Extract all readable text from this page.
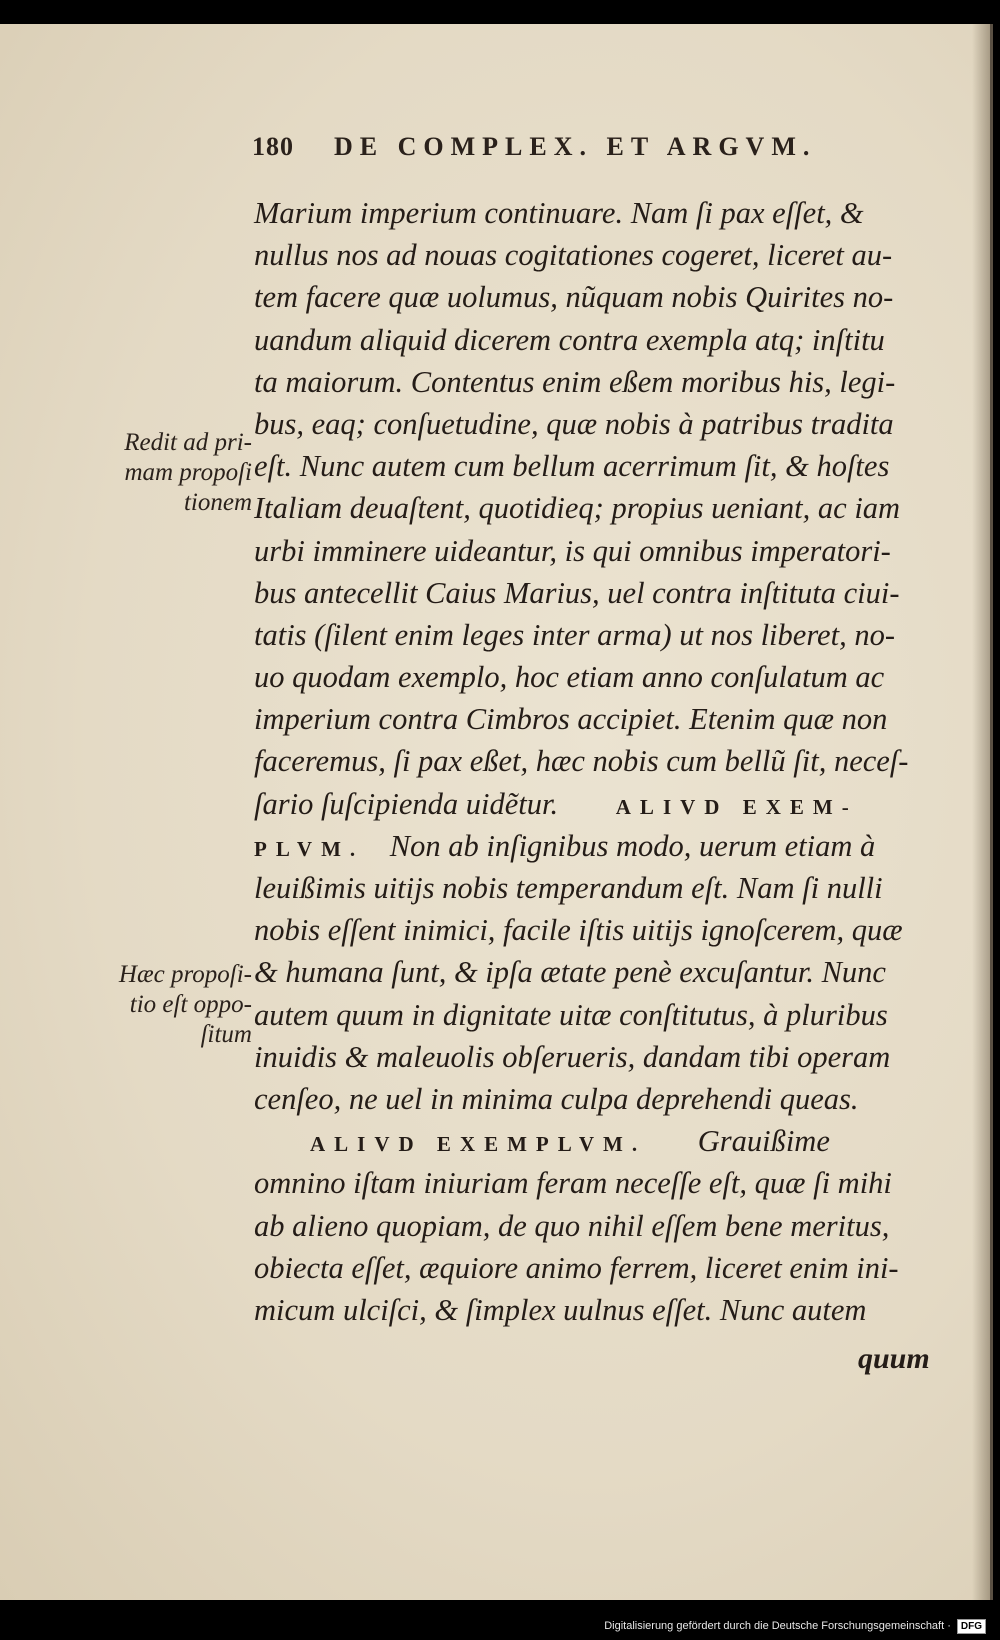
180 DE COMPLEX. ET ARGVM.
Redit ad pri-
mam propoſi
tionem
Hæc propoſi-
tio eſt oppo-
ſitum
Marium imperium continuare. Nam ſi pax eſſet, &
nullus nos ad nouas cogitationes cogeret, liceret au-
tem facere quæ uolumus, nũquam nobis Quirites no-
uandum aliquid dicerem contra exempla atq; inſtitu
ta maiorum. Contentus enim eßem moribus his, legi-
bus, eaq; conſuetudine, quæ nobis à patribus tradita
eſt. Nunc autem cum bellum acerrimum ſit, & hoſtes
Italiam deuaſtent, quotidieq; propius ueniant, ac iam
urbi imminere uideantur, is qui omnibus imperatori-
bus antecellit Caius Marius, uel contra inſtituta ciui-
tatis (ſilent enim leges inter arma) ut nos liberet, no-
uo quodam exemplo, hoc etiam anno conſulatum ac
imperium contra Cimbros accipiet. Etenim quæ non
faceremus, ſi pax eßet, hæc nobis cum bellũ ſit, neceſ-
ſario ſuſcipienda uidẽtur.	ALIVD EXEM-
PLVM. Non ab inſignibus modo, uerum etiam à
leuißimis uitijs nobis temperandum eſt. Nam ſi nulli
nobis eſſent inimici, facile iſtis uitijs ignoſcerem, quæ
& humana ſunt, & ipſa ætate penè excuſantur. Nunc
autem quum in dignitate uitæ conſtitutus, à pluribus
inuidis & maleuolis obſerueris, dandam tibi operam
cenſeo, ne uel in minima culpa deprehendi queas.
ALIVD EXEMPLVM. Grauißime
omnino iſtam iniuriam feram neceſſe eſt, quæ ſi mihi
ab alieno quopiam, de quo nihil eſſem bene meritus,
obiecta eſſet, æquiore animo ferrem, liceret enim ini-
micum ulciſci, & ſimplex uulnus eſſet. Nunc autem
quum
Digitalisierung gefördert durch die Deutsche Forschungsgemeinschaft ·	DFG
